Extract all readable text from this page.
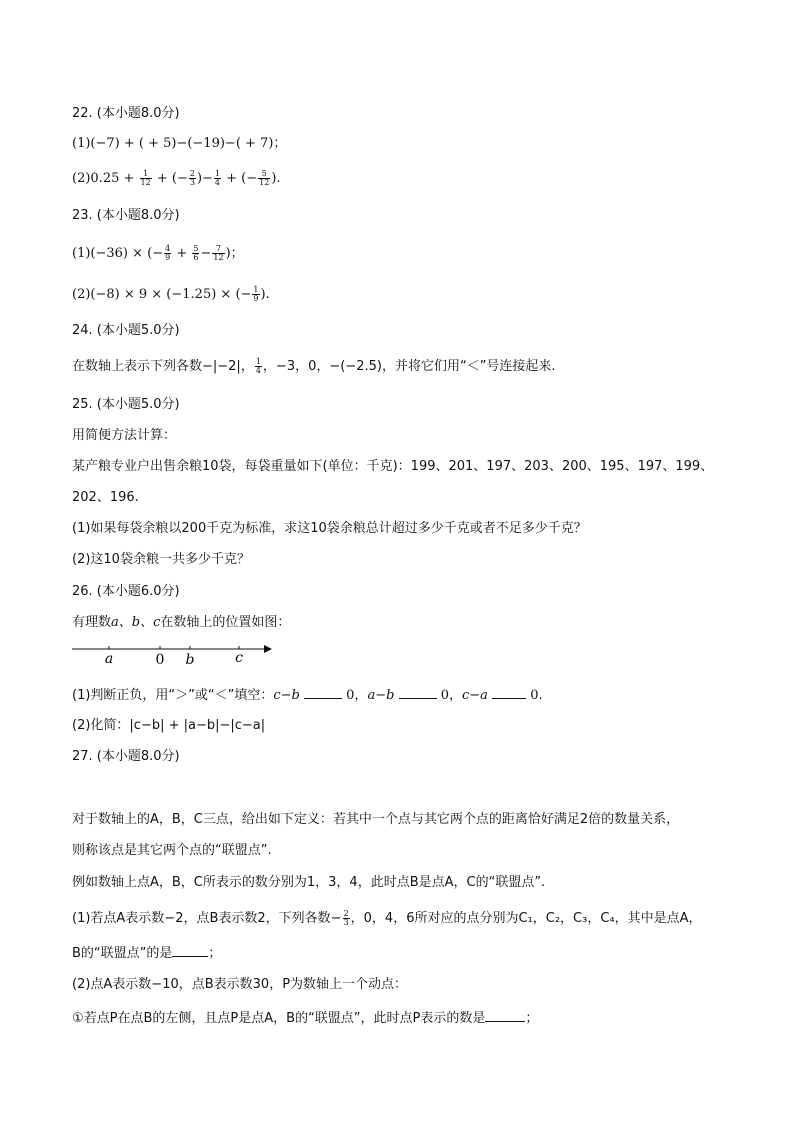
22. (本小题8.0分)
(1)(−7) + ( + 5)−(−19)−( + 7)；
$(2)0.25 + \frac{1}{12}$ + (− $\frac{2}{3}$ )− $\frac{1}{4}$ + (− $\frac{5}{12}$ ).
23. (本小题8.0分)
(1)(−36) × (− $\frac{4}{9} + \frac{5}{6} - \frac{7}{12}$ )；
(2)(−8) × 9 × (−1.25) × (− $\frac{1}{9}$ ).
24. (本小题5.0分)
在数轴上表示下列各数−|−2|， $\frac{1}{4}$ ，−3，0，−(−2.5)，并将它们用“＜”号连接起来.
25. (本小题5.0分)
用简便方法计算：
某产粮专业户出售余粮10袋，每袋重量如下(单位：千克)：199、201、197、203、200、195、197、199、
202、196.
(1)如果每袋余粮以200千克为标准，求这10袋余粮总计超过多少千克或者不足多少千克？
(2)这10袋余粮一共多少千克？
26. (本小题6.0分)
有理数a、b、c在数轴上的位置如图：
a	0 b	c
(1)判断正负，用“＞”或“＜”填空：c−b	0，a−b	0，c−a	0.
(2)化简：|c−b| + |a−b|−|c−a|
27. (本小题8.0分)
对于数轴上的A，B，C三点，给出如下定义：若其中一个点与其它两个点的距离恰好满足2倍的数量关系，
则称该点是其它两个点的“联盟点”.
例如数轴上点A，B，C所表示的数分别为1，3，4，此时点B是点A，C的“联盟点”.
(1)若点A表示数−2，点B表示数2，下列各数− $\frac{2}{3}$ ，0，4，6所对应的点分别为C₁，C₂，C₃，C₄，其中是点A，
B的“联盟点”的是	；
(2)点A表示数−10，点B表示数30，P为数轴上一个动点：
①若点P在点B的左侧，且点P是点A，B的“联盟点”，此时点P表示的数是	；
